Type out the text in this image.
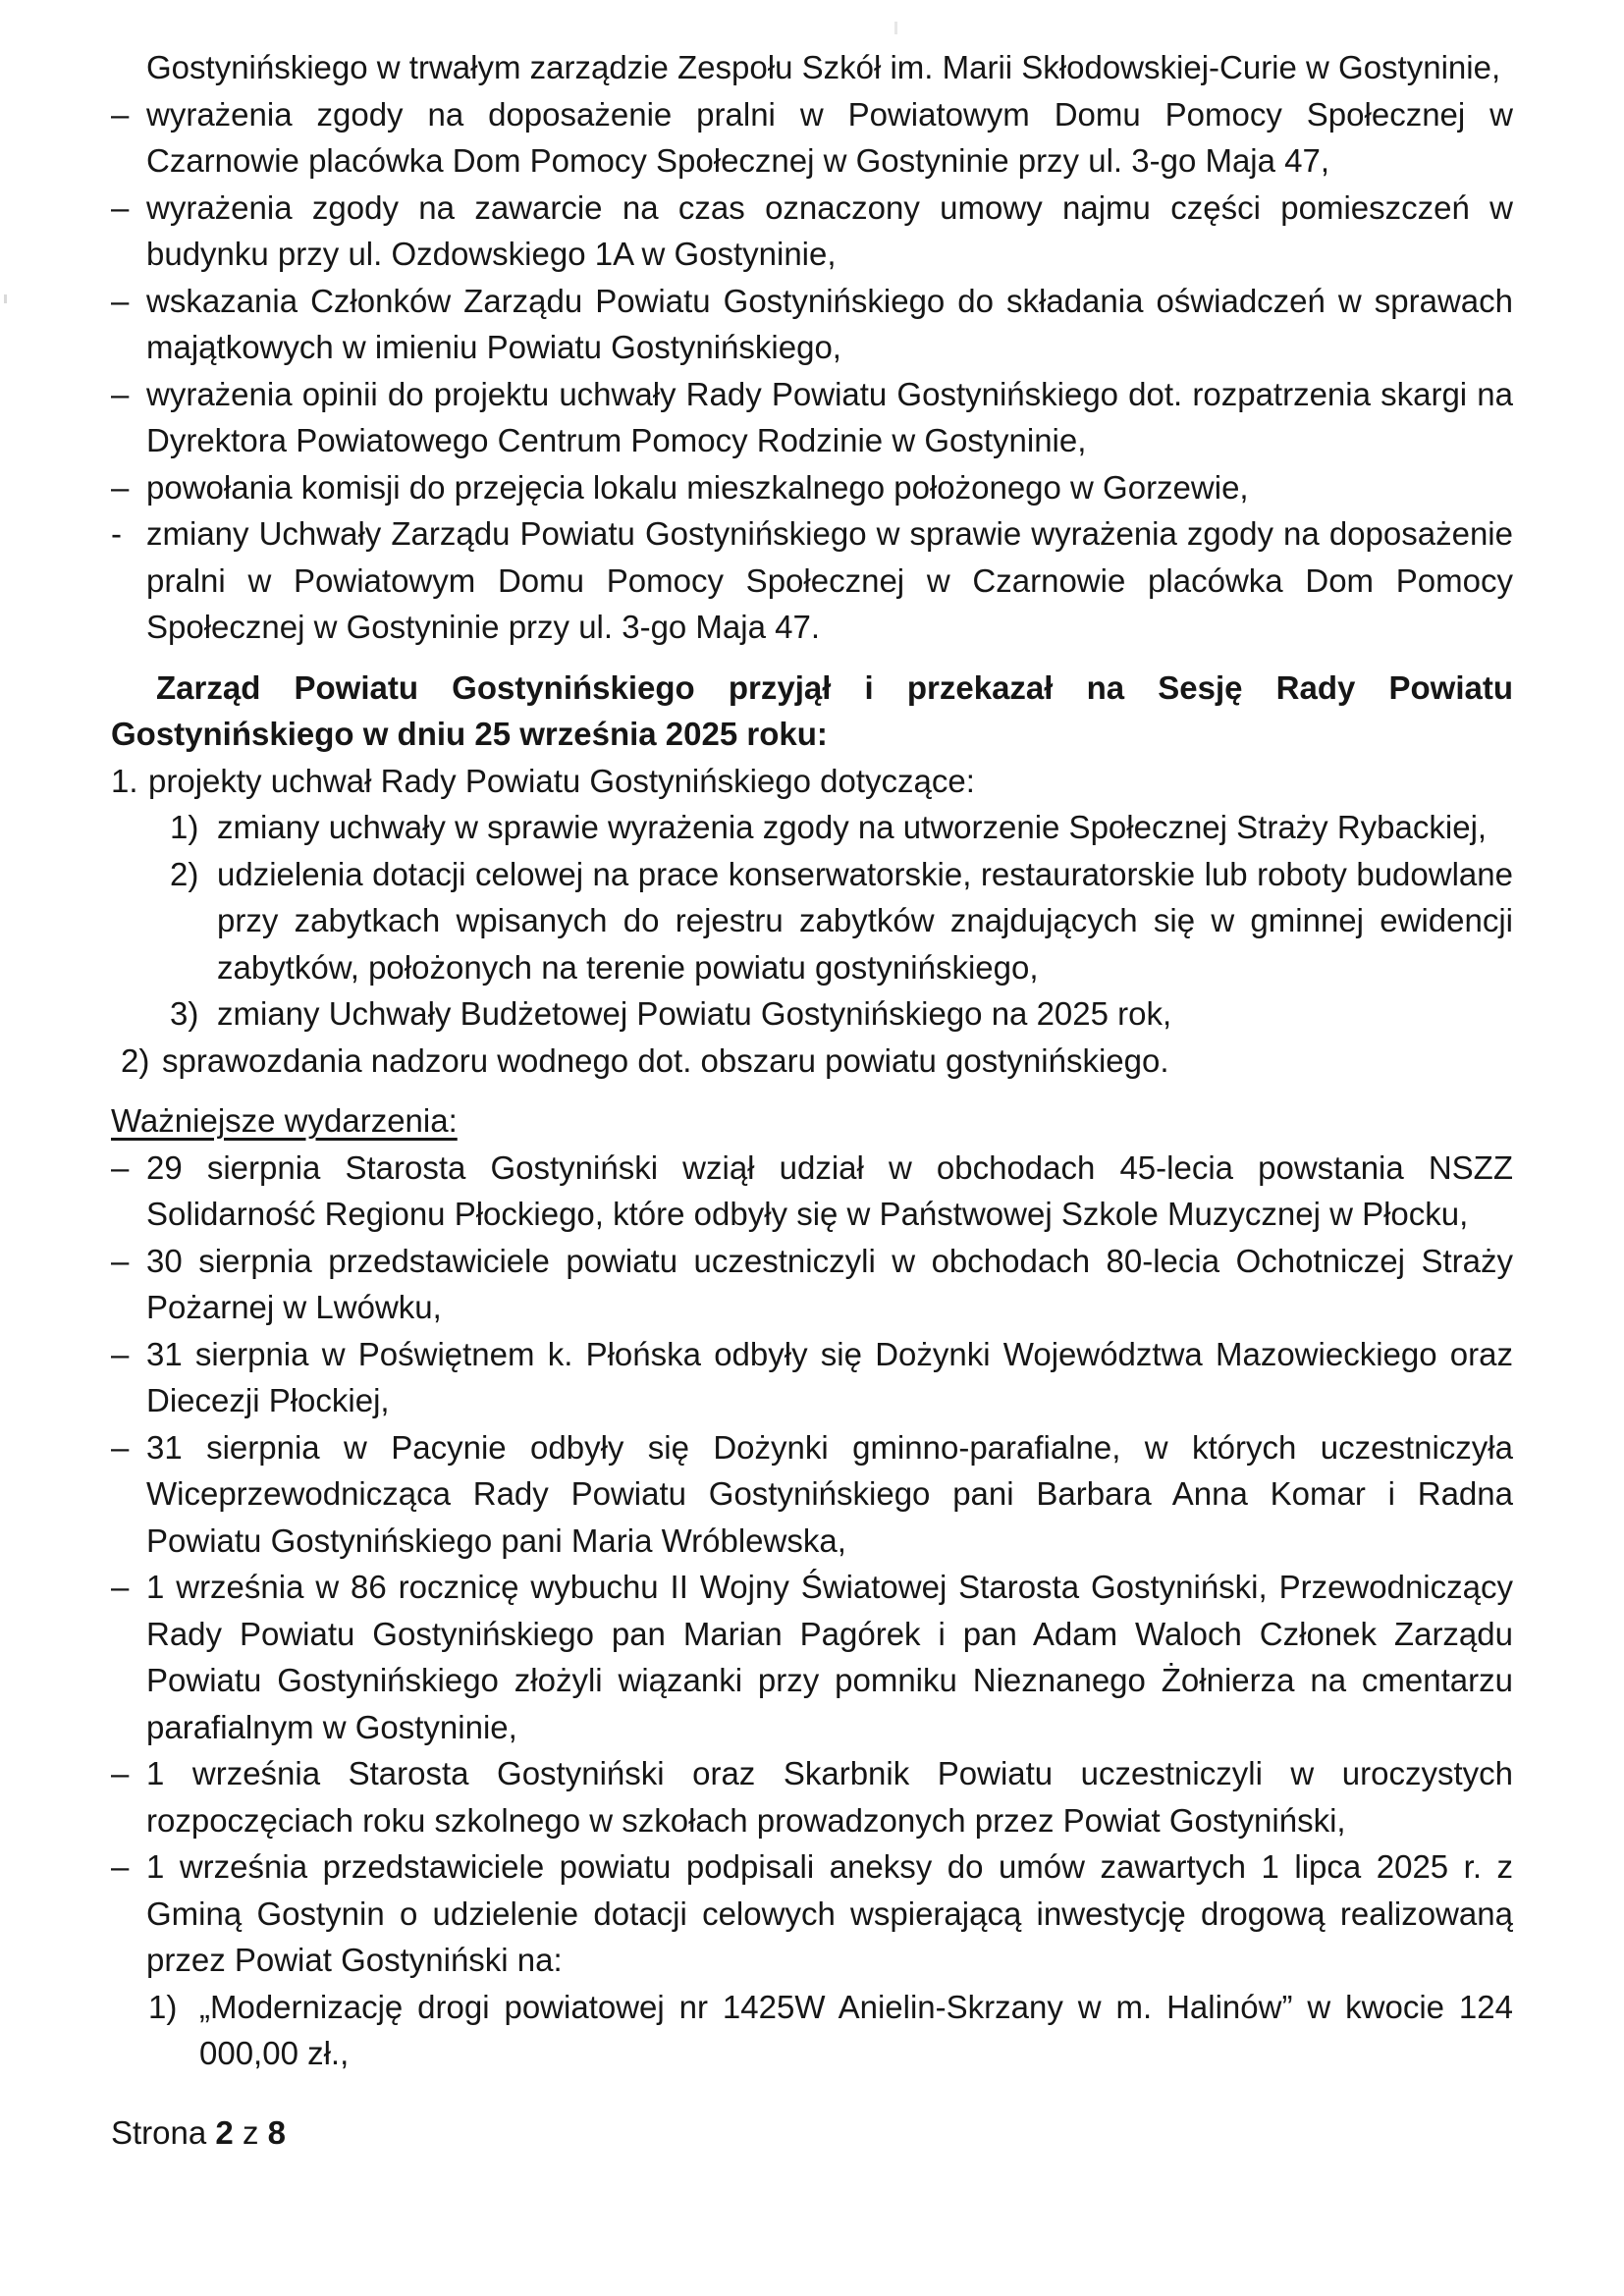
Gostynińskiego w trwałym zarządzie Zespołu Szkół im. Marii Skłodowskiej-Curie w Gostyninie,

– wyrażenia zgody na doposażenie pralni w Powiatowym Domu Pomocy Społecznej w Czarnowie placówka Dom Pomocy Społecznej w Gostyninie przy ul. 3-go Maja 47,
– wyrażenia zgody na zawarcie na czas oznaczony umowy najmu części pomieszczeń w budynku przy ul. Ozdowskiego 1A w Gostyninie,
– wskazania Członków Zarządu Powiatu Gostynińskiego do składania oświadczeń w sprawach majątkowych w imieniu Powiatu Gostynińskiego,
– wyrażenia opinii do projektu uchwały Rady Powiatu Gostynińskiego dot. rozpatrzenia skargi na Dyrektora Powiatowego Centrum Pomocy Rodzinie w Gostyninie,
– powołania komisji do przejęcia lokalu mieszkalnego położonego w Gorzewie,
- zmiany Uchwały Zarządu Powiatu Gostynińskiego w sprawie wyrażenia zgody na doposażenie pralni w Powiatowym Domu Pomocy Społecznej w Czarnowie placówka Dom Pomocy Społecznej w Gostyninie przy ul. 3-go Maja 47.

Zarząd Powiatu Gostynińskiego przyjął i przekazał na Sesję Rady Powiatu Gostynińskiego w dniu 25 września 2025 roku:

1. projekty uchwał Rady Powiatu Gostynińskiego dotyczące:
1) zmiany uchwały w sprawie wyrażenia zgody na utworzenie Społecznej Straży Rybackiej,
2) udzielenia dotacji celowej na prace konserwatorskie, restauratorskie lub roboty budowlane przy zabytkach wpisanych do rejestru zabytków znajdujących się w gminnej ewidencji zabytków, położonych na terenie powiatu gostynińskiego,
3) zmiany Uchwały Budżetowej Powiatu Gostynińskiego na 2025 rok,
2) sprawozdania nadzoru wodnego dot. obszaru powiatu gostynińskiego.

Ważniejsze wydarzenia:

– 29 sierpnia Starosta Gostyniński wziął udział w obchodach 45-lecia powstania NSZZ Solidarność Regionu Płockiego, które odbyły się w Państwowej Szkole Muzycznej w Płocku,
– 30 sierpnia przedstawiciele powiatu uczestniczyli w obchodach 80-lecia Ochotniczej Straży Pożarnej w Lwówku,
– 31 sierpnia w Poświętnem k. Płońska odbyły się Dożynki Województwa Mazowieckiego oraz Diecezji Płockiej,
– 31 sierpnia w Pacynie odbyły się Dożynki gminno-parafialne, w których uczestniczyła Wiceprzewodnicząca Rady Powiatu Gostynińskiego pani Barbara Anna Komar i Radna Powiatu Gostynińskiego pani Maria Wróblewska,
– 1 września w 86 rocznicę wybuchu II Wojny Światowej Starosta Gostyniński, Przewodniczący Rady Powiatu Gostynińskiego pan Marian Pagórek i pan Adam Waloch Członek Zarządu Powiatu Gostynińskiego złożyli wiązanki przy pomniku Nieznanego Żołnierza na cmentarzu parafialnym w Gostyninie,
– 1 września Starosta Gostyniński oraz Skarbnik Powiatu uczestniczyli w uroczystych rozpoczęciach roku szkolnego w szkołach prowadzonych przez Powiat Gostyniński,
– 1 września przedstawiciele powiatu podpisali aneksy do umów zawartych 1 lipca 2025 r. z Gminą Gostynin o udzielenie dotacji celowych wspierającą inwestycję drogową realizowaną przez Powiat Gostyniński na:
1) „Modernizację drogi powiatowej nr 1425W Anielin-Skrzany w m. Halinów” w kwocie 124 000,00 zł.,
Strona 2 z 8
